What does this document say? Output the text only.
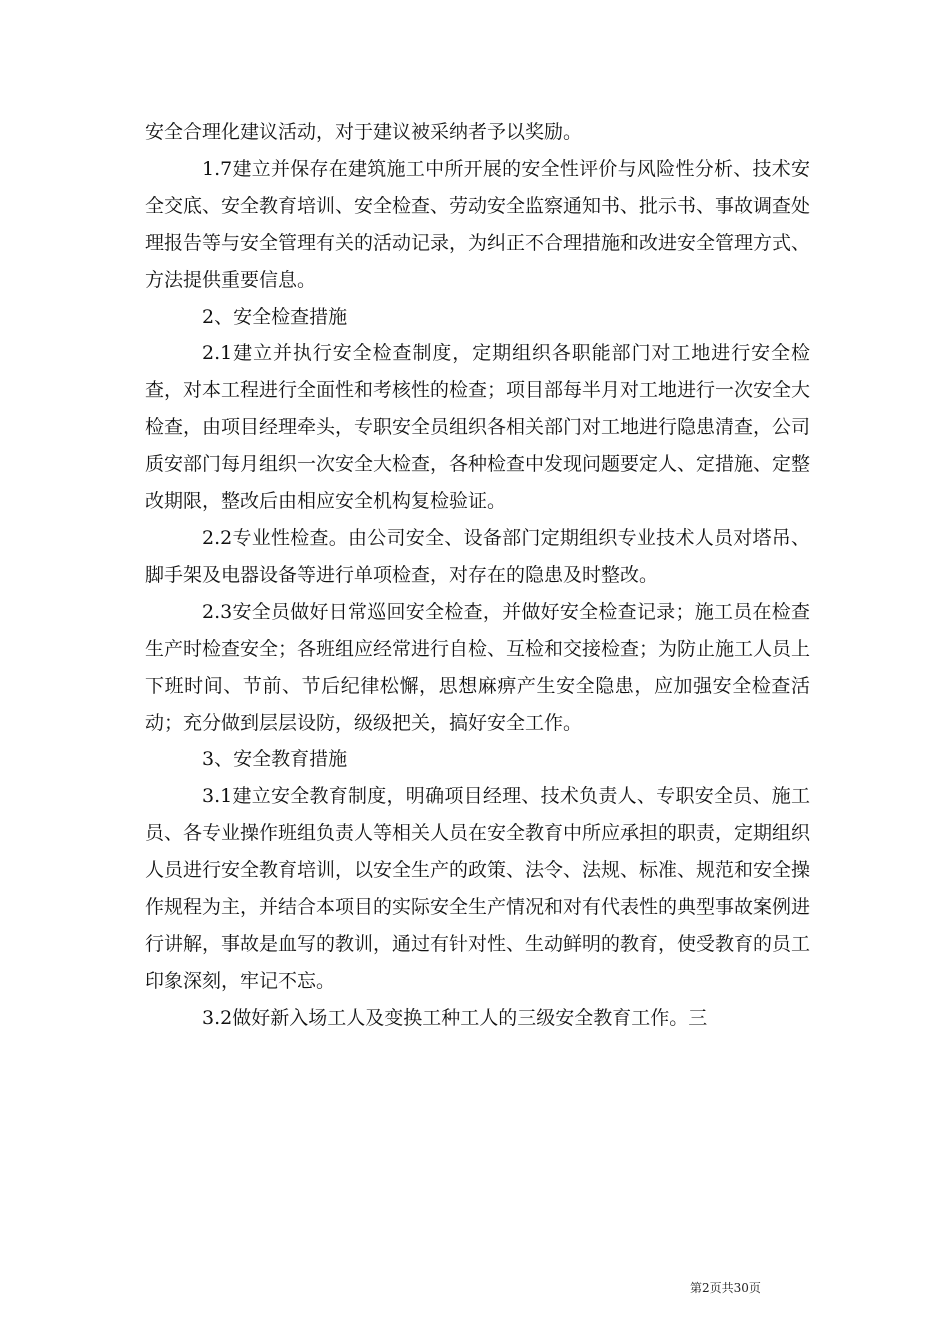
安全合理化建议活动，对于建议被采纳者予以奖励。

1.7建立并保存在建筑施工中所开展的安全性评价与风险性分析、技术安全交底、安全教育培训、安全检查、劳动安全监察通知书、批示书、事故调查处理报告等与安全管理有关的活动记录，为纠正不合理措施和改进安全管理方式、方法提供重要信息。

2、安全检查措施

2.1建立并执行安全检查制度，定期组织各职能部门对工地进行安全检查，对本工程进行全面性和考核性的检查；项目部每半月对工地进行一次安全大检查，由项目经理牵头，专职安全员组织各相关部门对工地进行隐患清查，公司质安部门每月组织一次安全大检查，各种检查中发现问题要定人、定措施、定整改期限，整改后由相应安全机构复检验证。

2.2专业性检查。由公司安全、设备部门定期组织专业技术人员对塔吊、脚手架及电器设备等进行单项检查，对存在的隐患及时整改。

2.3安全员做好日常巡回安全检查，并做好安全检查记录；施工员在检查生产时检查安全；各班组应经常进行自检、互检和交接检查；为防止施工人员上下班时间、节前、节后纪律松懈，思想麻痹产生安全隐患，应加强安全检查活动；充分做到层层设防，级级把关，搞好安全工作。

3、安全教育措施

3.1建立安全教育制度，明确项目经理、技术负责人、专职安全员、施工员、各专业操作班组负责人等相关人员在安全教育中所应承担的职责，定期组织人员进行安全教育培训，以安全生产的政策、法令、法规、标准、规范和安全操作规程为主，并结合本项目的实际安全生产情况和对有代表性的典型事故案例进行讲解，事故是血写的教训，通过有针对性、生动鲜明的教育，使受教育的员工印象深刻，牢记不忘。

3.2做好新入场工人及变换工种工人的三级安全教育工作。三

第2页共30页
